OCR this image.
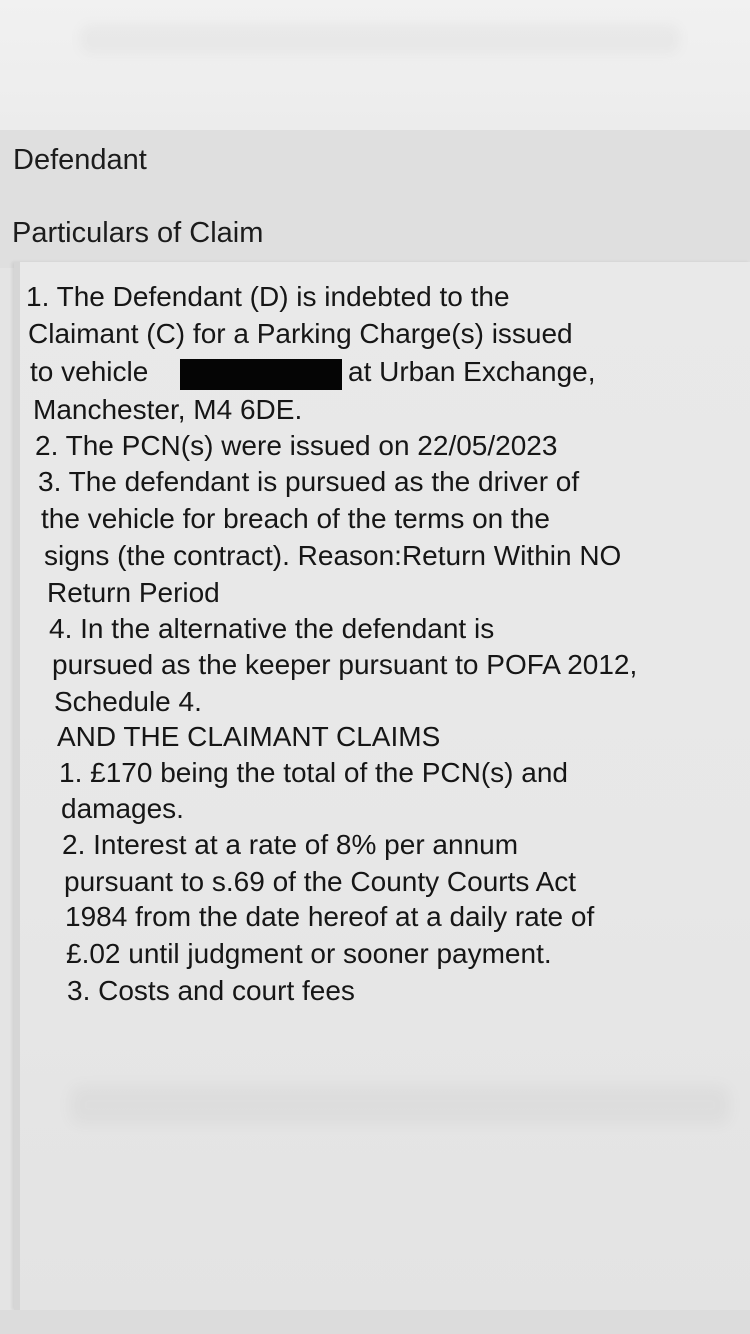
Defendant
Particulars of Claim
1. The Defendant (D) is indebted to the
Claimant (C) for a Parking Charge(s) issued
to vehicle	at Urban Exchange,
Manchester, M4 6DE.
2. The PCN(s) were issued on 22/05/2023
3. The defendant is pursued as the driver of
the vehicle for breach of the terms on the
signs (the contract). Reason:Return Within NO
Return Period
4. In the alternative the defendant is
pursued as the keeper pursuant to POFA 2012,
Schedule 4.
AND THE CLAIMANT CLAIMS
1. £170 being the total of the PCN(s) and
damages.
2. Interest at a rate of 8% per annum
pursuant to s.69 of the County Courts Act
1984 from the date hereof at a daily rate of
£.02 until judgment or sooner payment.
3. Costs and court fees
